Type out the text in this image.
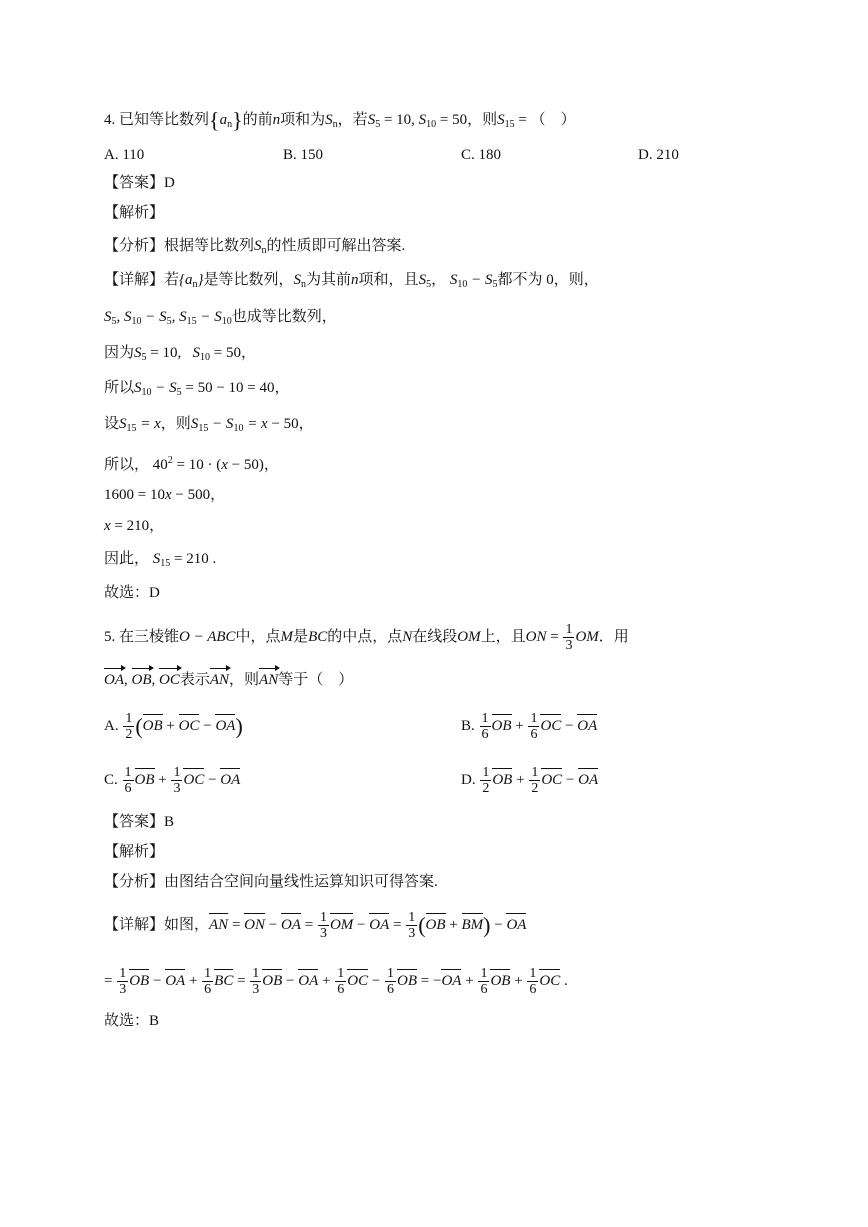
4. 已知等比数列$\{a_n\}$的前n项和为$S_n$，若$S_5 = 10$, $S_{10} = 50$，则$S_{15}$ = （　）
A. 110	B. 150	C. 180	D. 210
【答案】D
【解析】
【分析】根据等比数列$S_n$的性质即可解出答案.
【详解】若$\{a_n\}$是等比数列，$S_n$为其前n项和，且$S_5$， $S_{10} - S_5$都不为 0，则，
$S_5$, $S_{10} - S_5$, $S_{15} - S_{10}$也成等比数列，
因为$S_5 = 10$,   $S_{10} = 50$，
所以$S_{10} - S_5 = 50 - 10 = 40$，
设$S_{15} = x$，则$S_{15} - S_{10} = x - 50$，
所以， $40^2 = 10 \cdot (x - 50)$，
1600 = 10x − 500，
x = 210，
因此， $S_{15} = 210$ .
故选：D
5. 在三棱锥O − ABC中，点M是BC的中点，点N在线段OM上，且ON = $\frac{1}{3}$ OM．用
OA, OB, OC表示AN，则AN等于（　）
A. $\frac{1}{2} (OB$ + OC − OA)	B. $\frac{1}{6}$ OB + $\frac{1}{6}$ OC − OA
C. $\frac{1}{6}$ OB + $\frac{1}{3}$ OC − OA	D. $\frac{1}{2}$ OB + $\frac{1}{2}$ OC − OA
【答案】B
【解析】
【分析】由图结合空间向量线性运算知识可得答案.
【详解】如图，AN = ON − OA = $\frac{1}{3}$ OM − OA = $\frac{1}{3} (OB + BM)$ − OA
= $\frac{1}{3}$ OB − OA + $\frac{1}{6}$ BC = $\frac{1}{3}$ OB − OA + $\frac{1}{6}$ OC − $\frac{1}{6}$ OB = $-OA + \frac{1}{6}$ OB + $\frac{1}{6}$ OC .
故选：B
